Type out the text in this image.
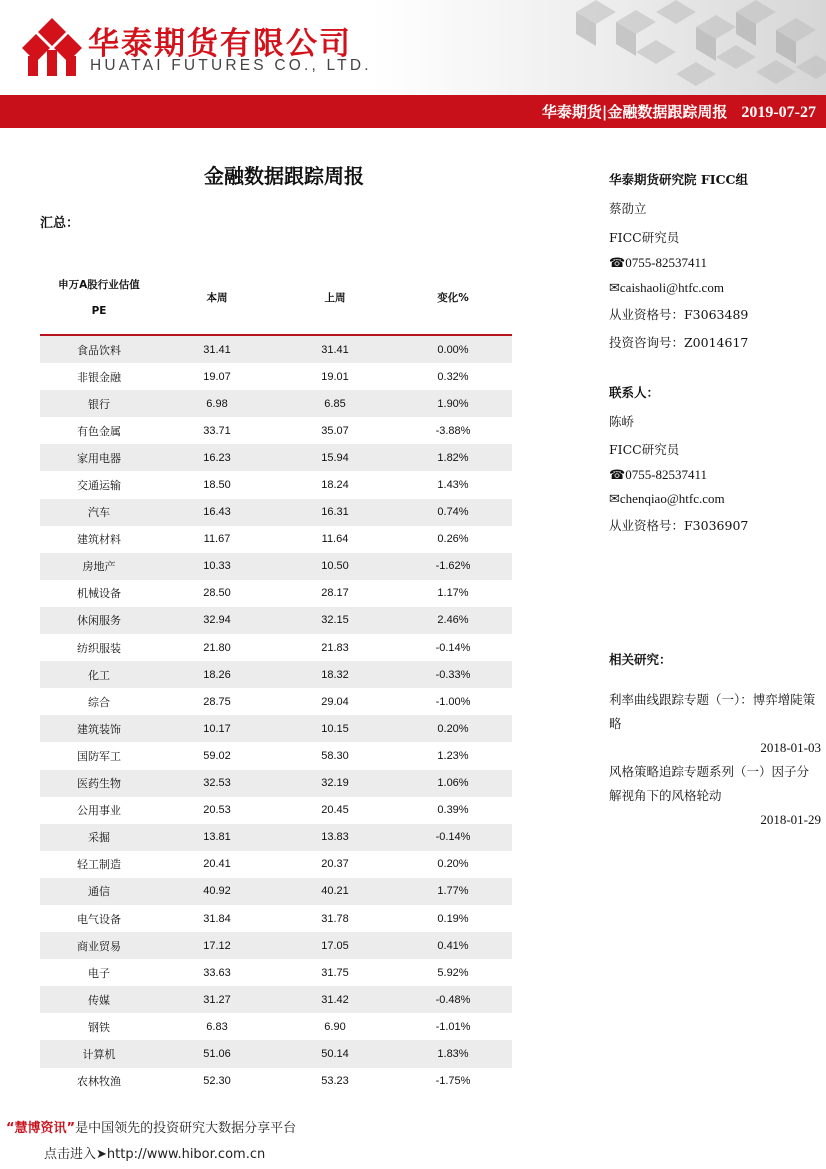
华泰期货有限公司
HUATAI FUTURES CO., LTD.
华泰期货|金融数据跟踪周报 2019-07-27
金融数据跟踪周报
汇总：
申万A股行业估值
PE	本周	上周	变化%
食品饮料	31.41	31.41	0.00%
非银金融	19.07	19.01	0.32%
银行	6.98	6.85	1.90%
有色金属	33.71	35.07	-3.88%
家用电器	16.23	15.94	1.82%
交通运输	18.50	18.24	1.43%
汽车	16.43	16.31	0.74%
建筑材料	11.67	11.64	0.26%
房地产	10.33	10.50	-1.62%
机械设备	28.50	28.17	1.17%
休闲服务	32.94	32.15	2.46%
纺织服装	21.80	21.83	-0.14%
化工	18.26	18.32	-0.33%
综合	28.75	29.04	-1.00%
建筑装饰	10.17	10.15	0.20%
国防军工	59.02	58.30	1.23%
医药生物	32.53	32.19	1.06%
公用事业	20.53	20.45	0.39%
采掘	13.81	13.83	-0.14%
轻工制造	20.41	20.37	0.20%
通信	40.92	40.21	1.77%
电气设备	31.84	31.78	0.19%
商业贸易	17.12	17.05	0.41%
电子	33.63	31.75	5.92%
传媒	31.27	31.42	-0.48%
钢铁	6.83	6.90	-1.01%
计算机	51.06	50.14	1.83%
农林牧渔	52.30	53.23	-1.75%
华泰期货研究院 FICC组
蔡劭立
FICC研究员
☎0755-82537411
✉caishaoli@htfc.com
从业资格号：F3063489
投资咨询号：Z0014617
联系人：
陈峤
FICC研究员
☎0755-82537411
✉chenqiao@htfc.com
从业资格号：F3036907
相关研究：
利率曲线跟踪专题（一）：博弈增陡策略
2018-01-03
风格策略追踪专题系列（一）因子分解视角下的风格轮动
2018-01-29
“慧博资讯”是中国领先的投资研究大数据分享平台
点击进入➤http://www.hibor.com.cn
